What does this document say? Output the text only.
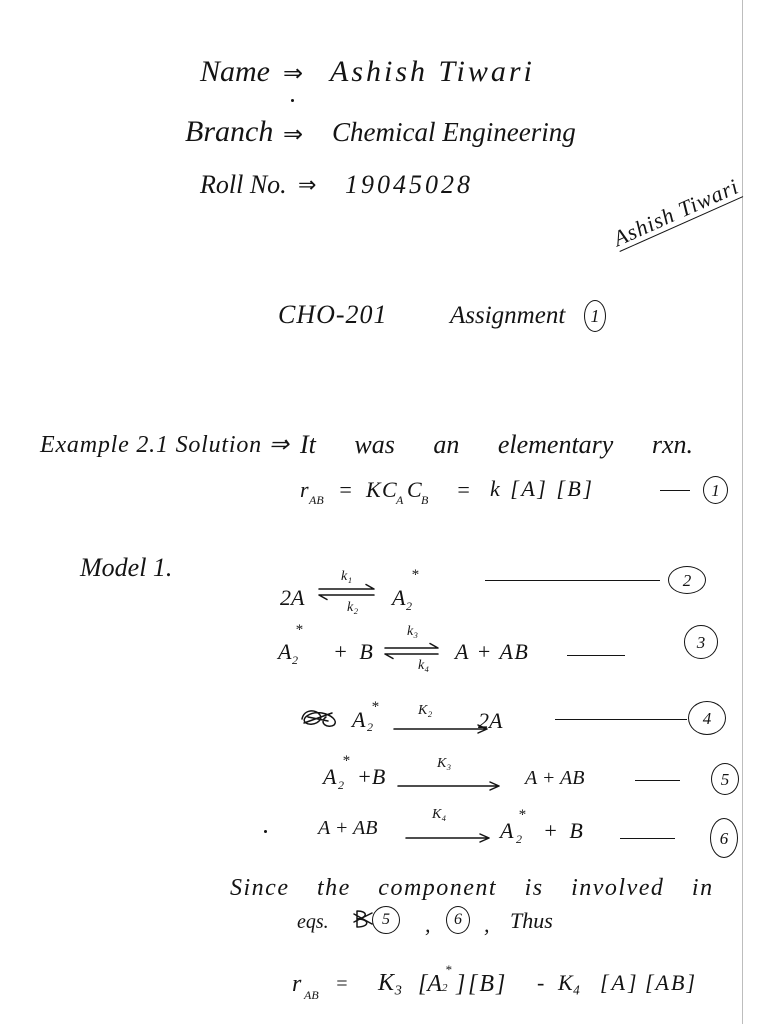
Name ⇒ Ashish Tiwari
Branch ⇒ Chemical Engineering
Roll No. ⇒ 19045028	Ashish Tiwari
CHO-201 Assignment	1
Example 2.1 Solution ⇒ It was an elementary rxn.
r AB = K C A C B = k [A] [B]	1
Model 1.
2A ⇌
k₁
k₂ A
*
2
2
A
*
2 + B ⇌
k₃
k₄
A + AB	3
A *
2
K₂ 2A	4
A
*
2 +B
K₃
A + AB	5
A + AB
K₄
A
*
2 + B	6
Since the component is involved in
eqs.	5	,	6	, Thus
r AB = K₃ [A
*
2 ] [B] - K₄ [A] [AB]
